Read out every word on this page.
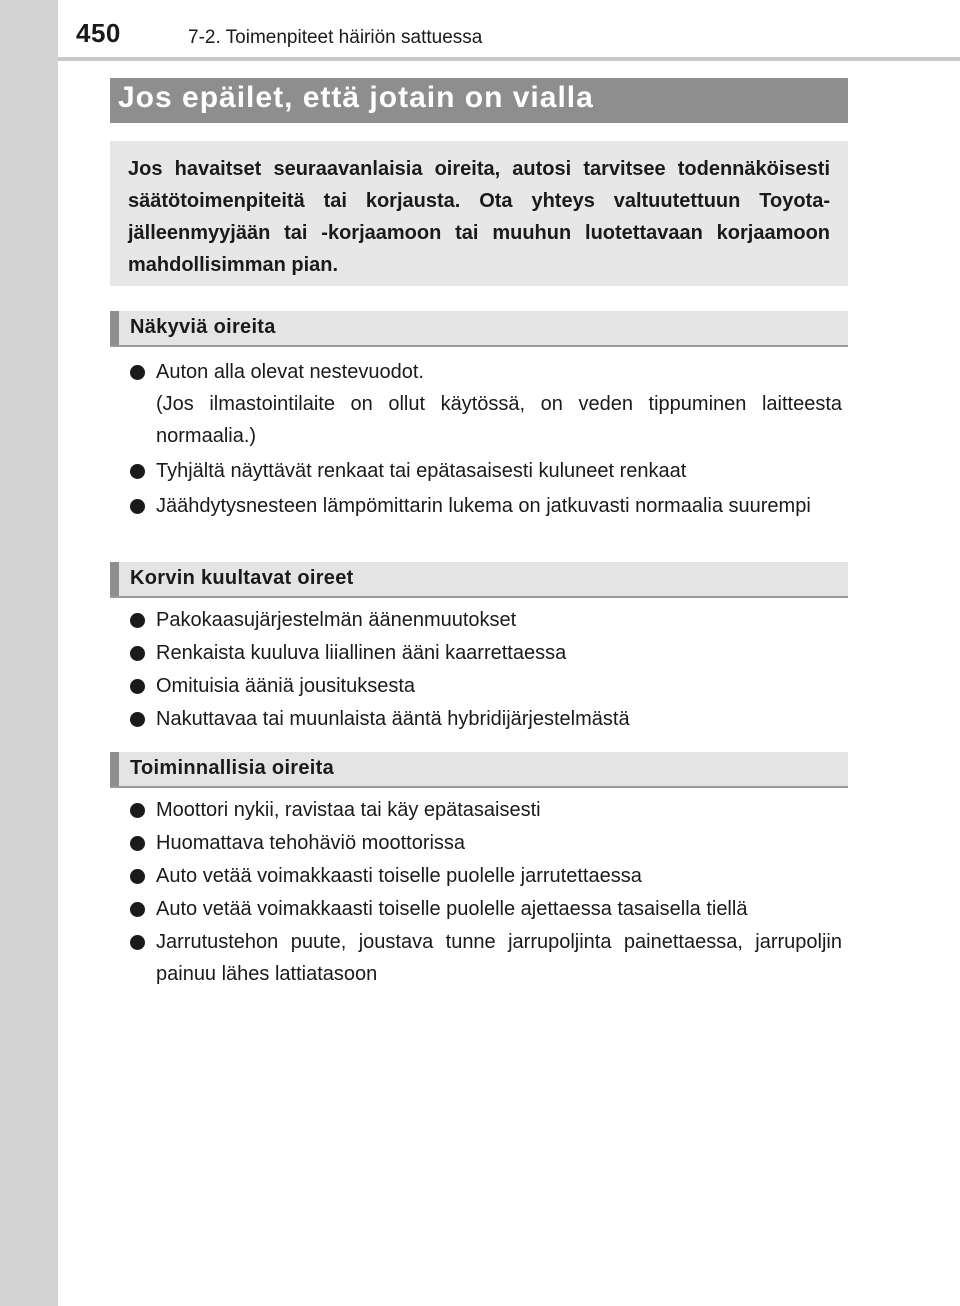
450	7-2. Toimenpiteet häiriön sattuessa
Jos epäilet, että jotain on vialla
Jos havaitset seuraavanlaisia oireita, autosi tarvitsee todennäköisesti säätötoimenpiteitä tai korjausta. Ota yhteys valtuutettuun Toyota-jälleenmyyjään tai -korjaamoon tai muuhun luotettavaan korjaamoon mahdollisimman pian.
Näkyviä oireita
Auton alla olevat nestevuodot.
(Jos ilmastointilaite on ollut käytössä, on veden tippuminen laitteesta normaalia.)
Tyhjältä näyttävät renkaat tai epätasaisesti kuluneet renkaat
Jäähdytysnesteen lämpömittarin lukema on jatkuvasti normaalia suurempi
Korvin kuultavat oireet
Pakokaasujärjestelmän äänenmuutokset
Renkaista kuuluva liiallinen ääni kaarrettaessa
Omituisia ääniä jousituksesta
Nakuttavaa tai muunlaista ääntä hybridijärjestelmästä
Toiminnallisia oireita
Moottori nykii, ravistaa tai käy epätasaisesti
Huomattava tehohäviö moottorissa
Auto vetää voimakkaasti toiselle puolelle jarrutettaessa
Auto vetää voimakkaasti toiselle puolelle ajettaessa tasaisella tiellä
Jarrutustehon puute, joustava tunne jarrupoljinta painettaessa, jarrupoljin painuu lähes lattiatasoon
